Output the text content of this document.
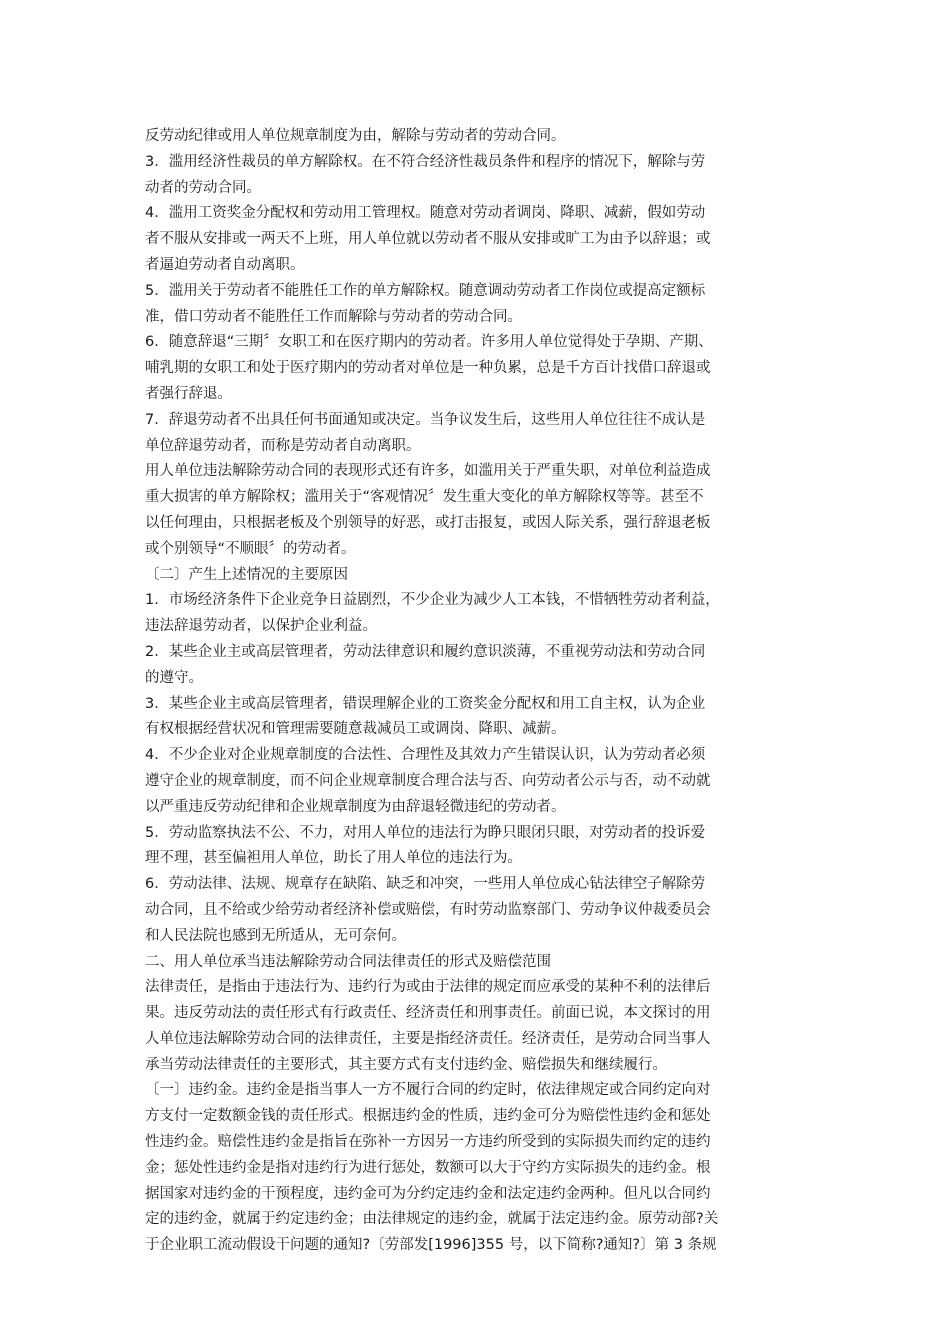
反劳动纪律或用人单位规章制度为由，解除与劳动者的劳动合同。
3．滥用经济性裁员的单方解除权。在不符合经济性裁员条件和程序的情况下，解除与劳
动者的劳动合同。
4．滥用工资奖金分配权和劳动用工管理权。随意对劳动者调岗、降职、减薪，假如劳动
者不服从安排或一两天不上班，用人单位就以劳动者不服从安排或旷工为由予以辞退；或
者逼迫劳动者自动离职。
5．滥用关于劳动者不能胜任工作的单方解除权。随意调动劳动者工作岗位或提高定额标
准，借口劳动者不能胜任工作而解除与劳动者的劳动合同。
6．随意辞退“三期〞女职工和在医疗期内的劳动者。许多用人单位觉得处于孕期、产期、
哺乳期的女职工和处于医疗期内的劳动者对单位是一种负累，总是千方百计找借口辞退或
者强行辞退。
7．辞退劳动者不出具任何书面通知或决定。当争议发生后，这些用人单位往往不成认是
单位辞退劳动者，而称是劳动者自动离职。
用人单位违法解除劳动合同的表现形式还有许多，如滥用关于严重失职，对单位利益造成
重大损害的单方解除权；滥用关于“客观情况〞发生重大变化的单方解除权等等。甚至不
以任何理由，只根据老板及个别领导的好恶，或打击报复，或因人际关系，强行辞退老板
或个别领导“不顺眼〞的劳动者。
〔二〕产生上述情况的主要原因
1．市场经济条件下企业竞争日益剧烈，不少企业为减少人工本钱，不惜牺牲劳动者利益，
违法辞退劳动者，以保护企业利益。
2．某些企业主或高层管理者，劳动法律意识和履约意识淡薄，不重视劳动法和劳动合同
的遵守。
3．某些企业主或高层管理者，错误理解企业的工资奖金分配权和用工自主权，认为企业
有权根据经营状况和管理需要随意裁减员工或调岗、降职、减薪。
4．不少企业对企业规章制度的合法性、合理性及其效力产生错误认识，认为劳动者必须
遵守企业的规章制度，而不问企业规章制度合理合法与否、向劳动者公示与否，动不动就
以严重违反劳动纪律和企业规章制度为由辞退轻微违纪的劳动者。
5．劳动监察执法不公、不力，对用人单位的违法行为睁只眼闭只眼，对劳动者的投诉爱
理不理，甚至偏袒用人单位，助长了用人单位的违法行为。
6．劳动法律、法规、规章存在缺陷、缺乏和冲突，一些用人单位成心钻法律空子解除劳
动合同，且不给或少给劳动者经济补偿或赔偿，有时劳动监察部门、劳动争议仲裁委员会
和人民法院也感到无所适从，无可奈何。
二、用人单位承当违法解除劳动合同法律责任的形式及赔偿范围
法律责任，是指由于违法行为、违约行为或由于法律的规定而应承受的某种不利的法律后
果。违反劳动法的责任形式有行政责任、经济责任和刑事责任。前面已说，本文探讨的用
人单位违法解除劳动合同的法律责任，主要是指经济责任。经济责任，是劳动合同当事人
承当劳动法律责任的主要形式，其主要方式有支付违约金、赔偿损失和继续履行。
〔一〕违约金。违约金是指当事人一方不履行合同的约定时，依法律规定或合同约定向对
方支付一定数额金钱的责任形式。根据违约金的性质，违约金可分为赔偿性违约金和惩处
性违约金。赔偿性违约金是指旨在弥补一方因另一方违约所受到的实际损失而约定的违约
金；惩处性违约金是指对违约行为进行惩处，数额可以大于守约方实际损失的违约金。根
据国家对违约金的干预程度，违约金可为分约定违约金和法定违约金两种。但凡以合同约
定的违约金，就属于约定违约金；由法律规定的违约金，就属于法定违约金。原劳动部?关
于企业职工流动假设干问题的通知?〔劳部发[1996]355 号，以下简称?通知?〕第 3 条规
